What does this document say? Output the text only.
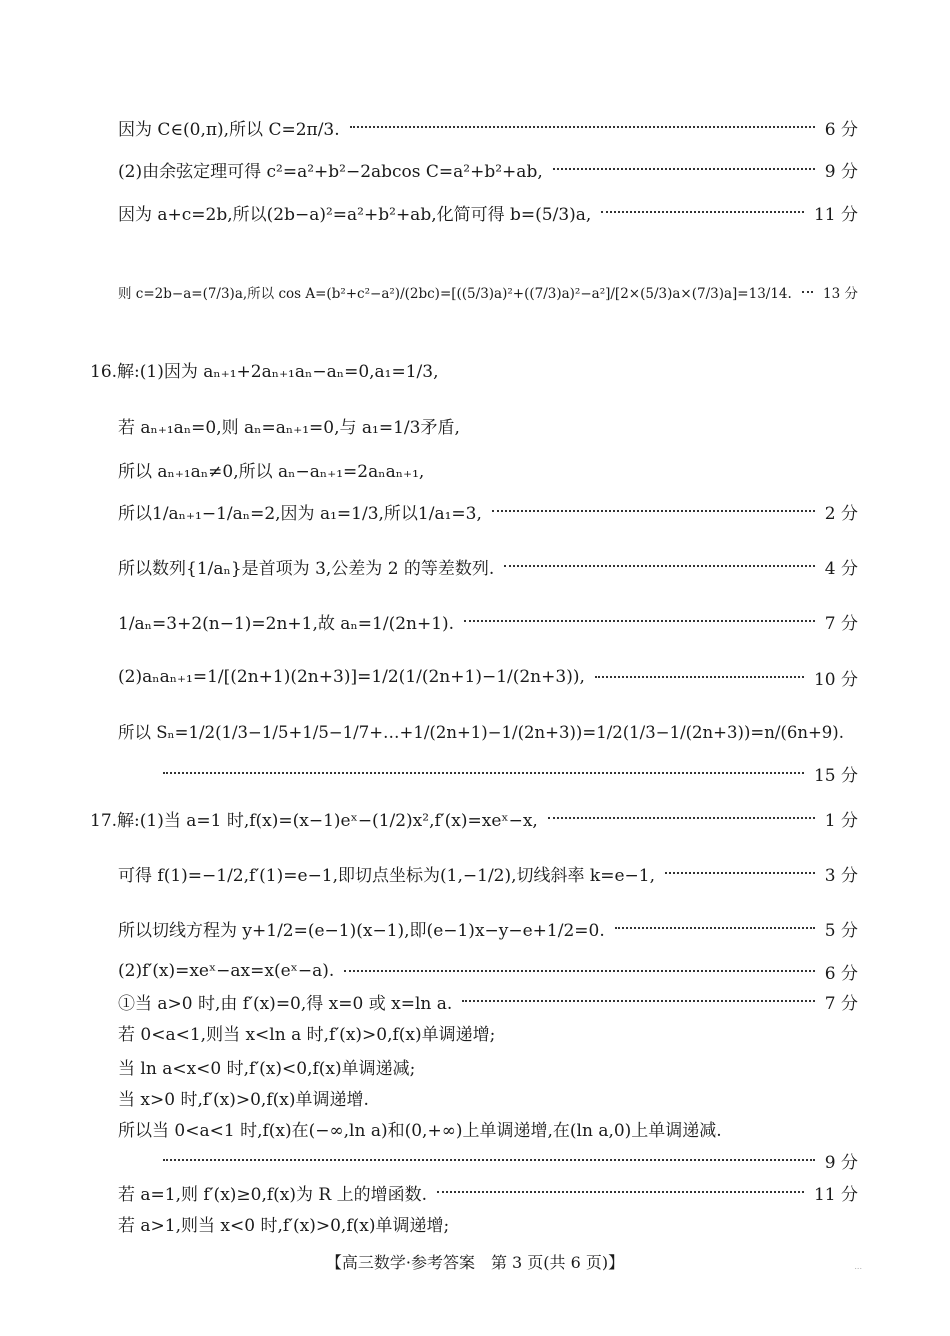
因为 C∈(0,π),所以 C=2π/3.	6 分
(2)由余弦定理可得 c²=a²+b²−2abcos C=a²+b²+ab,	9 分
因为 a+c=2b,所以(2b−a)²=a²+b²+ab,化简可得 b=(5/3)a,	11 分
则 c=2b−a=(7/3)a,所以 cos A=(b²+c²−a²)/(2bc)=[((5/3)a)²+((7/3)a)²−a²]/[2×(5/3)a×(7/3)a]=13/14. 13 分
16.解:(1)因为 aₙ₊₁+2aₙ₊₁aₙ−aₙ=0,a₁=1/3,
若 aₙ₊₁aₙ=0,则 aₙ=aₙ₊₁=0,与 a₁=1/3矛盾,
所以 aₙ₊₁aₙ≠0,所以 aₙ−aₙ₊₁=2aₙaₙ₊₁,
所以1/aₙ₊₁−1/aₙ=2,因为 a₁=1/3,所以1/a₁=3,	2 分
所以数列{1/aₙ}是首项为 3,公差为 2 的等差数列.	4 分
1/aₙ=3+2(n−1)=2n+1,故 aₙ=1/(2n+1).	7 分
(2)aₙaₙ₊₁=1/[(2n+1)(2n+3)]=1/2(1/(2n+1)−1/(2n+3)),	10 分
所以 Sₙ=1/2(1/3−1/5+1/5−1/7+…+1/(2n+1)−1/(2n+3))=1/2(1/3−1/(2n+3))=n/(6n+9).
15 分
17.解:(1)当 a=1 时,f(x)=(x−1)eˣ−(1/2)x²,f′(x)=xeˣ−x,	1 分
可得 f(1)=−1/2,f′(1)=e−1,即切点坐标为(1,−1/2),切线斜率 k=e−1,	3 分
所以切线方程为 y+1/2=(e−1)(x−1),即(e−1)x−y−e+1/2=0.	5 分
(2)f′(x)=xeˣ−ax=x(eˣ−a).	6 分
①当 a>0 时,由 f′(x)=0,得 x=0 或 x=ln a.	7 分
若 0<a<1,则当 x<ln a 时,f′(x)>0,f(x)单调递增;
当 ln a<x<0 时,f′(x)<0,f(x)单调递减;
当 x>0 时,f′(x)>0,f(x)单调递增.
所以当 0<a<1 时,f(x)在(−∞,ln a)和(0,+∞)上单调递增,在(ln a,0)上单调递减.
9 分
若 a=1,则 f′(x)≥0,f(x)为 R 上的增函数.	11 分
若 a>1,则当 x<0 时,f′(x)>0,f(x)单调递增;
【高三数学·参考答案　第 3 页(共 6 页)】	...
